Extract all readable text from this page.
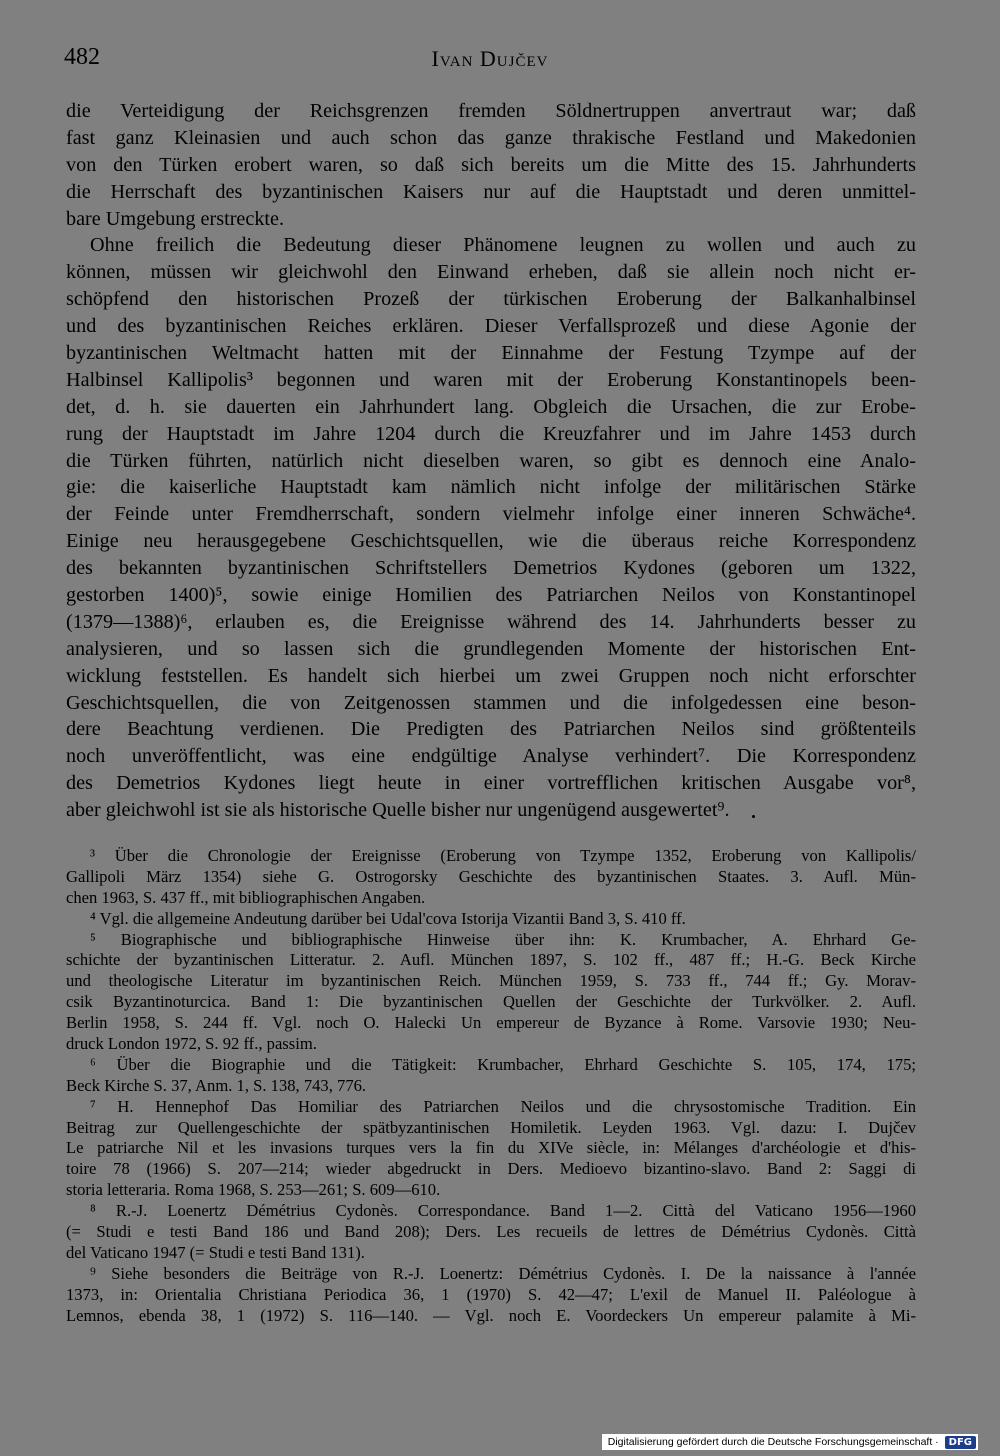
482	Ivan Dujčev
die Verteidigung der Reichsgrenzen fremden Söldnertruppen anvertraut war; daß
fast ganz Kleinasien und auch schon das ganze thrakische Festland und Makedonien
von den Türken erobert waren, so daß sich bereits um die Mitte des 15. Jahrhunderts
die Herrschaft des byzantinischen Kaisers nur auf die Hauptstadt und deren unmittel-
bare Umgebung erstreckte.
Ohne freilich die Bedeutung dieser Phänomene leugnen zu wollen und auch zu
können, müssen wir gleichwohl den Einwand erheben, daß sie allein noch nicht er-
schöpfend den historischen Prozeß der türkischen Eroberung der Balkanhalbinsel
und des byzantinischen Reiches erklären. Dieser Verfallsprozeß und diese Agonie der
byzantinischen Weltmacht hatten mit der Einnahme der Festung Tzympe auf der
Halbinsel Kallipolis³ begonnen und waren mit der Eroberung Konstantinopels been-
det, d. h. sie dauerten ein Jahrhundert lang. Obgleich die Ursachen, die zur Erobe-
rung der Hauptstadt im Jahre 1204 durch die Kreuzfahrer und im Jahre 1453 durch
die Türken führten, natürlich nicht dieselben waren, so gibt es dennoch eine Analo-
gie: die kaiserliche Hauptstadt kam nämlich nicht infolge der militärischen Stärke
der Feinde unter Fremdherrschaft, sondern vielmehr infolge einer inneren Schwäche⁴.
Einige neu herausgegebene Geschichtsquellen, wie die überaus reiche Korrespondenz
des bekannten byzantinischen Schriftstellers Demetrios Kydones (geboren um 1322,
gestorben 1400)⁵, sowie einige Homilien des Patriarchen Neilos von Konstantinopel
(1379—1388)⁶, erlauben es, die Ereignisse während des 14. Jahrhunderts besser zu
analysieren, und so lassen sich die grundlegenden Momente der historischen Ent-
wicklung feststellen. Es handelt sich hierbei um zwei Gruppen noch nicht erforschter
Geschichtsquellen, die von Zeitgenossen stammen und die infolgedessen eine beson-
dere Beachtung verdienen. Die Predigten des Patriarchen Neilos sind größtenteils
noch unveröffentlicht, was eine endgültige Analyse verhindert⁷. Die Korrespondenz
des Demetrios Kydones liegt heute in einer vortrefflichen kritischen Ausgabe vor⁸,
aber gleichwohl ist sie als historische Quelle bisher nur ungenügend ausgewertet⁹.
³ Über die Chronologie der Ereignisse (Eroberung von Tzympe 1352, Eroberung von Kallipolis/
Gallipoli März 1354) siehe G. Ostrogorsky Geschichte des byzantinischen Staates. 3. Aufl. Mün-
chen 1963, S. 437 ff., mit bibliographischen Angaben.
⁴ Vgl. die allgemeine Andeutung darüber bei Udal'cova Istorija Vizantii Band 3, S. 410 ff.
⁵ Biographische und bibliographische Hinweise über ihn: K. Krumbacher, A. Ehrhard Ge-
schichte der byzantinischen Litteratur. 2. Aufl. München 1897, S. 102 ff., 487 ff.; H.-G. Beck Kirche
und theologische Literatur im byzantinischen Reich. München 1959, S. 733 ff., 744 ff.; Gy. Morav-
csik Byzantinoturcica. Band 1: Die byzantinischen Quellen der Geschichte der Turkvölker. 2. Aufl.
Berlin 1958, S. 244 ff. Vgl. noch O. Halecki Un empereur de Byzance à Rome. Varsovie 1930; Neu-
druck London 1972, S. 92 ff., passim.
⁶ Über die Biographie und die Tätigkeit: Krumbacher, Ehrhard Geschichte S. 105, 174, 175;
Beck Kirche S. 37, Anm. 1, S. 138, 743, 776.
⁷ H. Hennephof Das Homiliar des Patriarchen Neilos und die chrysostomische Tradition. Ein
Beitrag zur Quellengeschichte der spätbyzantinischen Homiletik. Leyden 1963. Vgl. dazu: I. Dujčev
Le patriarche Nil et les invasions turques vers la fin du XIVe siècle, in: Mélanges d'archéologie et d'his-
toire 78 (1966) S. 207—214; wieder abgedruckt in Ders. Medioevo bizantino-slavo. Band 2: Saggi di
storia letteraria. Roma 1968, S. 253—261; S. 609—610.
⁸ R.-J. Loenertz Démétrius Cydonès. Correspondance. Band 1—2. Città del Vaticano 1956—1960
(= Studi e testi Band 186 und Band 208); Ders. Les recueils de lettres de Démétrius Cydonès. Città
del Vaticano 1947 (= Studi e testi Band 131).
⁹ Siehe besonders die Beiträge von R.-J. Loenertz: Démétrius Cydonès. I. De la naissance à l'année
1373, in: Orientalia Christiana Periodica 36, 1 (1970) S. 42—47; L'exil de Manuel II. Paléologue à
Lemnos, ebenda 38, 1 (1972) S. 116—140. — Vgl. noch E. Voordeckers Un empereur palamite à Mi-
Digitalisierung gefördert durch die Deutsche Forschungsgemeinschaft ·	DFG
